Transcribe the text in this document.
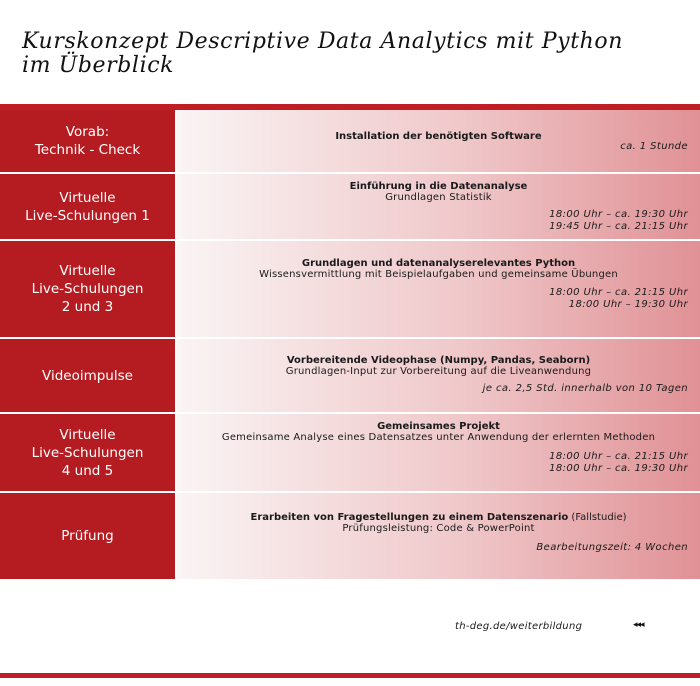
Kurskonzept Descriptive Data Analytics mit Python
im Überblick
Vorab:
Technik - Check
Installation der benötigten Software
ca. 1 Stunde
Virtuelle
Live-Schulungen 1
Einführung in die Datenanalyse
Grundlagen Statistik
18:00 Uhr – ca. 19:30 Uhr
19:45 Uhr – ca. 21:15 Uhr
Virtuelle
Live-Schulungen
2 und 3
Grundlagen und datenanalyserelevantes Python
Wissensvermittlung mit Beispielaufgaben und gemeinsame Übungen
18:00 Uhr – ca. 21:15 Uhr
18:00 Uhr – 19:30 Uhr
Videoimpulse
Vorbereitende Videophase (Numpy, Pandas, Seaborn)
Grundlagen-Input zur Vorbereitung auf die Liveanwendung
je ca. 2,5 Std. innerhalb von 10 Tagen
Virtuelle
Live-Schulungen
4 und 5
Gemeinsames Projekt
Gemeinsame Analyse eines Datensatzes unter Anwendung der erlernten Methoden
18:00 Uhr – ca. 21:15 Uhr
18:00 Uhr – ca. 19:30 Uhr
Prüfung
Erarbeiten von Fragestellungen zu einem Datenszenario (Fallstudie)
Prüfungsleistung: Code & PowerPoint
Bearbeitungszeit: 4 Wochen
th-deg.de/weiterbildung	◂◂◂
